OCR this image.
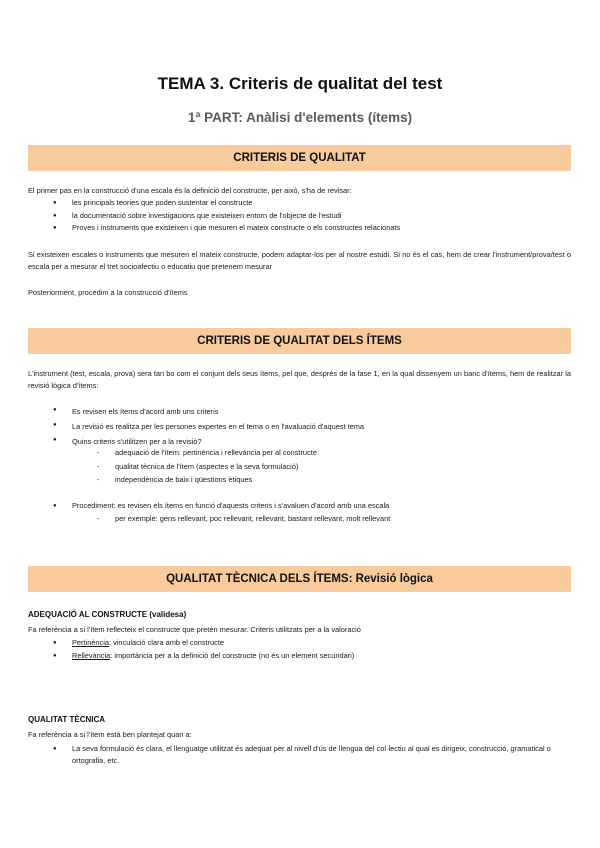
TEMA 3. Criteris de qualitat del test
1ª PART: Anàlisi d'elements (ítems)
CRITERIS DE QUALITAT

El primer pas en la construcció d'una escala és la definició del constructe, per això, s'ha de revisar:

● les principals teories que poden sustentar el constructe
● la documentació sobre investigacions que existeixen entorn de l'objecte de l'estudi
● Proves i instruments que existeixen i que mesuren el mateix constructe o els constructes relacionats

Si existeixen escales o instruments que mesuren el mateix constructe, podem adaptar-los per al nostre estudi. Si no és el cas, hem de crear l'instrument/prova/test o escala per a mesurar el tret socioafectiu o educatiu que pretenem mesurar

Posteriorment, procedim a la construcció d'ítems

CRITERIS DE QUALITAT DELS ÍTEMS

L'instrument (test, escala, prova) sera tan bo com el conjunt dels seus ítems, pel que, després de la fase 1, en la qual dissenyem un banc d'ítems, hem de realitzar la revisió lògica d'ítems:

● Es revisen els ítems d'acord amb uns criteris
● La revisió es realitza per les persones expertes en el tema o en l'avaluació d'aquest tema
● Quins criteris s'utilitzen per a la revisió?
- adequació de l'ítem: pertinència i rellevància per al constructe
- qualitat tècnica de l'ítem (aspectes e la seva formulació)
- independència de baix i qüestions ètiques
● Procediment: es revisen els ítems en funció d'aquests criteris i s'avaluen d'acord amb una escala
- per exemple: gens rellevant, poc rellevant, rellevant, bastant rellevant, molt rellevant
QUALITAT TÈCNICA DELS ÍTEMS: Revisió lògica
ADEQUACIÓ AL CONSTRUCTE (validesa)

Fa referència a si l'ítem reflecteix el constructe que pretén mesurar. Criteris utilitzats per a la valoració

● Pertinència: vinculació clara amb el constructe
● Rellevància: importància per a la definició del constructe (no és un element secundari)
QUALITAT TÈCNICA

Fa referència a si l'ítem està ben plantejat quan a:

● La seva formulació és clara, el llenguatge utilitzat és adequat per al nivell d'ús de llengua del col·lectiu al qual es dirigeix, construcció, gramatical o ortografia, etc.
